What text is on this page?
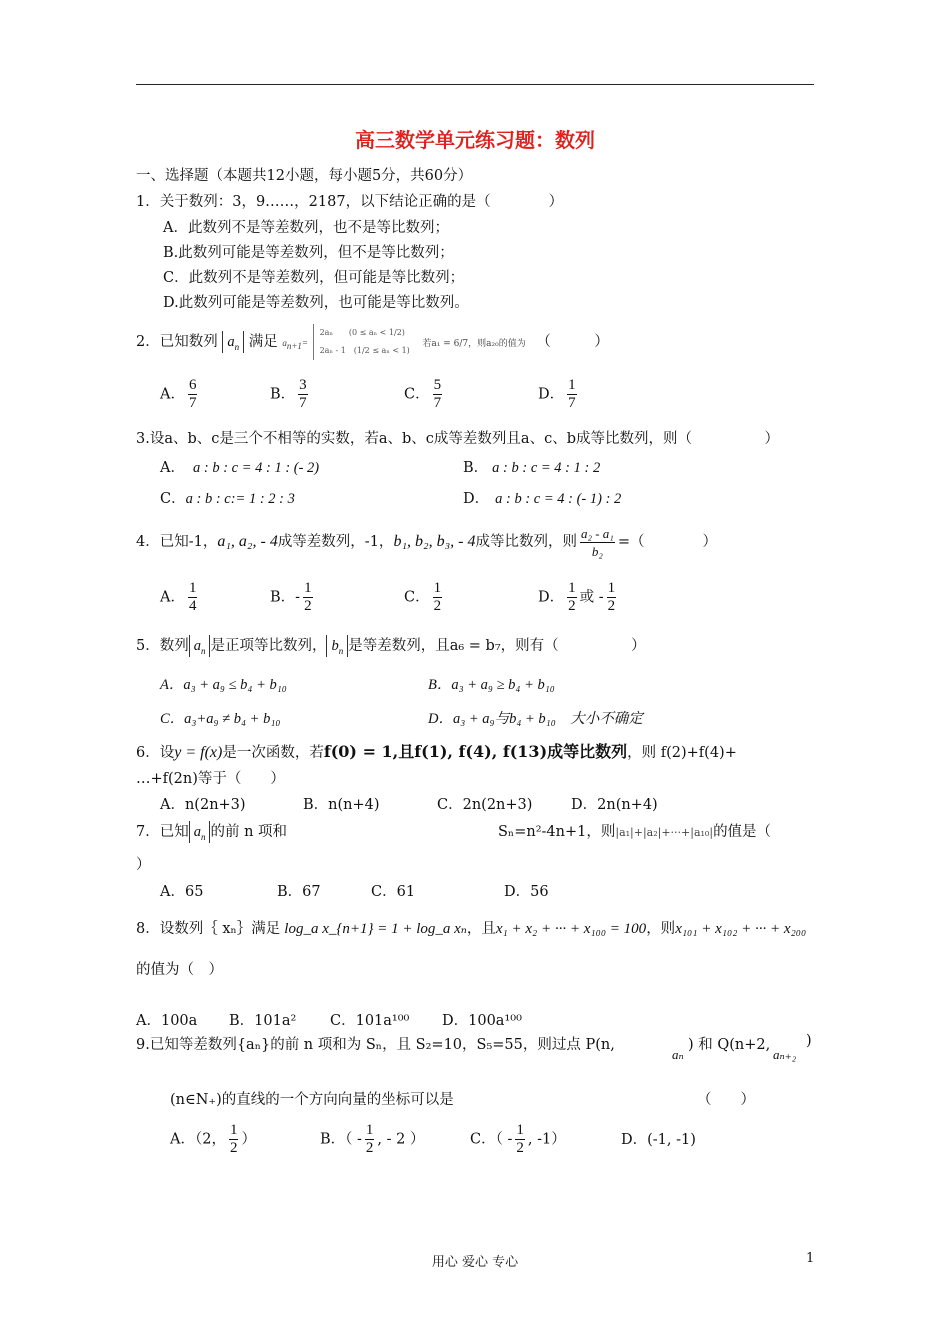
高三数学单元练习题：数列
一、选择题（本题共12小题，每小题5分，共60分）
1．关于数列：3，9……，2187，以下结论正确的是（　　　　）
A．此数列不是等差数列，也不是等比数列；
B.此数列可能是等差数列，但不是等比数列；
C．此数列不是等差数列，但可能是等比数列；
D.此数列可能是等差数列，也可能是等比数列。
2．已知数列 $a_n$ 满足 $a_{n+1}=$
2aₙ　　(0 ≤ aₙ < 1/2)
2aₙ - 1　(1/2 ≤ aₙ < 1)
若a₁ = 6/7，则a₂₀的值为 （　　　）
A． $\frac{6}{7}$	B． $\frac{3}{7}$	C． $\frac{5}{7}$	D． $\frac{1}{7}$
3.设a、b、c是三个不相等的实数，若a、b、c成等差数列且a、c、b成等比数列，则（　　　　　）
A． a : b : c = 4 : 1 : (- 2)	B． a : b : c = 4 : 1 : 2
C．a : b : c:= 1 : 2 : 3	D． a : b : c = 4 : (- 1) : 2
4．已知-1，a₁, a₂, - 4成等差数列，-1，b₁, b₂, b₃, - 4成等比数列，则 $\frac{\text{a₂ - a₁}}{\text{b₂}}$ =（　　　　）
A． $\frac{1}{4}$	B．- $\frac{1}{2}$	C． $\frac{1}{2}$	D． $\frac{1}{2}$ 或 - $\frac{1}{2}$
5．数列 $a_n$ 是正项等比数列， $b_n$ 是等差数列，且a₆ = b₇，则有（　　　　　）
A．a₃ + a₉ ≤ b₄ + b₁₀	B．a₃ + a₉ ≥ b₄ + b₁₀
C．a₃+a₉ ≠ b₄ + b₁₀	D．a₃ + a₉与b₄ + b₁₀　大小不确定
6．设y = f(x)是一次函数，若f(0) = 1,且f(1), f(4), f(13)成等比数列，则 f(2)+f(4)+
…+f(2n)等于（　　）
A．n(2n+3)	B．n(n+4)	C．2n(2n+3)	D．2n(n+4)
7．已知 $a_n$ 的前 n 项和	Sₙ=n²-4n+1，则|a₁|+|a₂|+···+|a₁₀|的值是（
）
A．65	B．67	C．61	D．56
8．设数列｛ xₙ｝满足 log_a x_{n+1} = 1 + log_a xₙ，且x₁ + x₂ + ··· + x₁₀₀ = 100，则x₁₀₁ + x₁₀₂ + ··· + x₂₀₀
的值为（　）
A．100a B．101a² C．101a¹⁰⁰ D．100a¹⁰⁰
9.已知等差数列{aₙ}的前 n 项和为 Sₙ，且 S₂=10，S₅=55，则过点 P(n,
aₙ
) 和 Q(n+2,
aₙ₊₂
)
(n∈N₊)的直线的一个方向向量的坐标可以是	（　　）
A．（2， $\frac{1}{2}$ ）	B．（ - $\frac{1}{2}$ , - 2 ）	C．（ - $\frac{1}{2}$ , -1）	D．(-1, -1)
用心 爱心 专心	1
